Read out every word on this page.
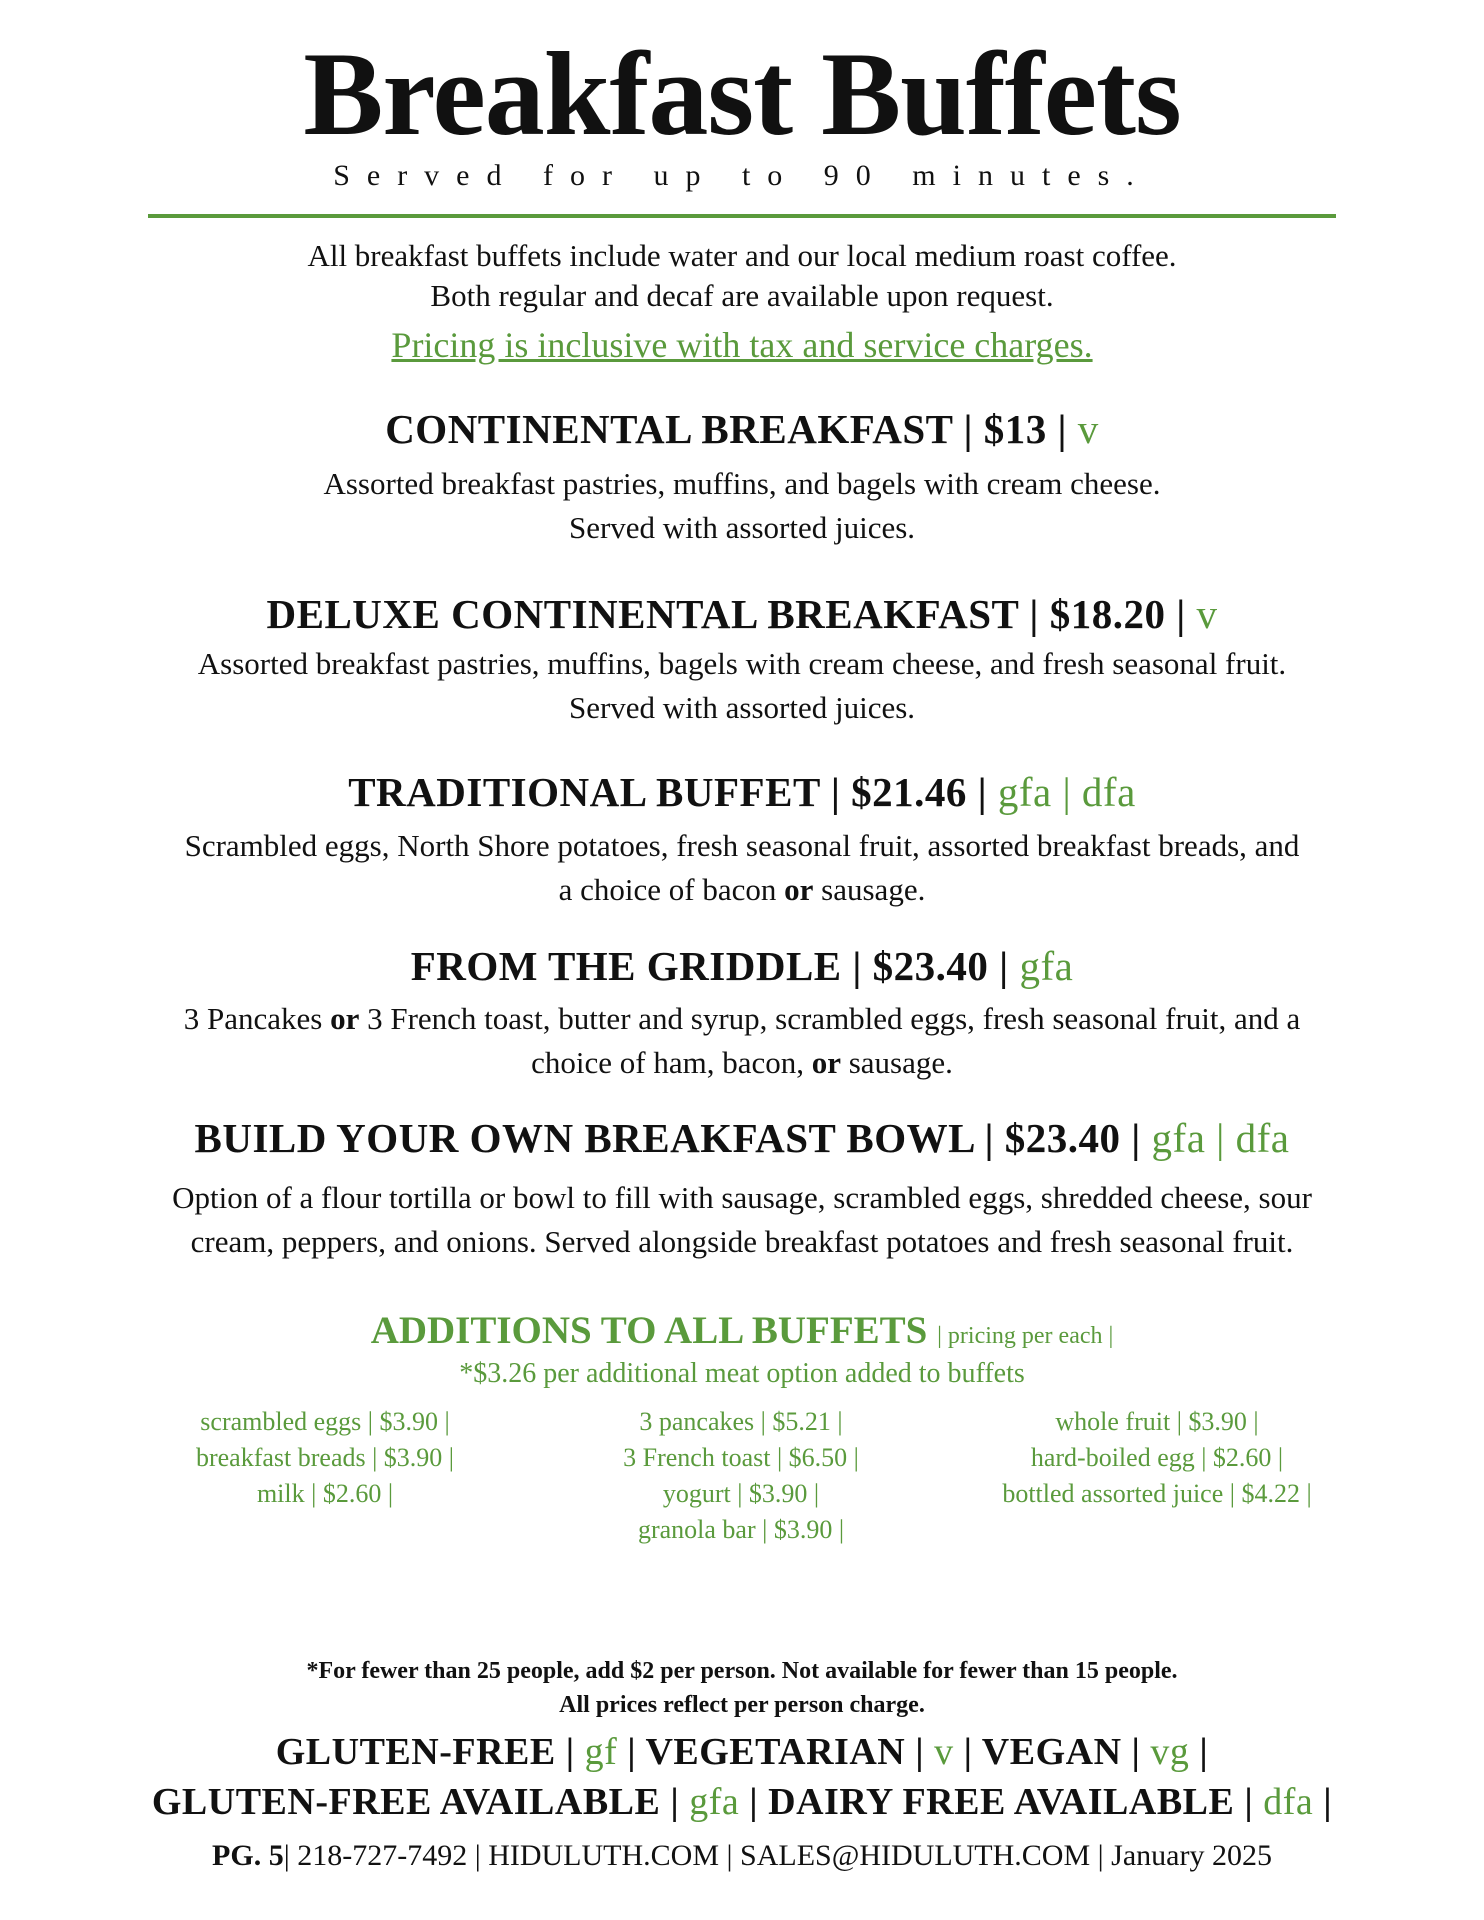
Breakfast Buffets
Served for up to 90 minutes.
All breakfast buffets include water and our local medium roast coffee.
Both regular and decaf are available upon request.
Pricing is inclusive with tax and service charges.
CONTINENTAL BREAKFAST | $13 | v
Assorted breakfast pastries, muffins, and bagels with cream cheese.
Served with assorted juices.
DELUXE CONTINENTAL BREAKFAST | $18.20 | v
Assorted breakfast pastries, muffins, bagels with cream cheese, and fresh seasonal fruit.
Served with assorted juices.
TRADITIONAL BUFFET | $21.46 | gfa | dfa
Scrambled eggs, North Shore potatoes, fresh seasonal fruit, assorted breakfast breads, and
a choice of bacon or sausage.
FROM THE GRIDDLE | $23.40 | gfa
3 Pancakes or 3 French toast, butter and syrup, scrambled eggs, fresh seasonal fruit, and a
choice of ham, bacon, or sausage.
BUILD YOUR OWN BREAKFAST BOWL | $23.40 | gfa | dfa
Option of a flour tortilla or bowl to fill with sausage, scrambled eggs, shredded cheese, sour
cream, peppers, and onions. Served alongside breakfast potatoes and fresh seasonal fruit.
ADDITIONS TO ALL BUFFETS | pricing per each |
*$3.26 per additional meat option added to buffets
scrambled eggs | $3.90 |
breakfast breads | $3.90 |
milk | $2.60 |
3 pancakes | $5.21 |
3 French toast | $6.50 |
yogurt | $3.90 |
granola bar | $3.90 |
whole fruit | $3.90 |
hard-boiled egg | $2.60 |
bottled assorted juice | $4.22 |
*For fewer than 25 people, add $2 per person. Not available for fewer than 15 people.
All prices reflect per person charge.
GLUTEN-FREE | gf | VEGETARIAN | v | VEGAN | vg |
GLUTEN-FREE AVAILABLE | gfa | DAIRY FREE AVAILABLE | dfa |
PG. 5| 218-727-7492 | HIDULUTH.COM | SALES@HIDULUTH.COM | January 2025
